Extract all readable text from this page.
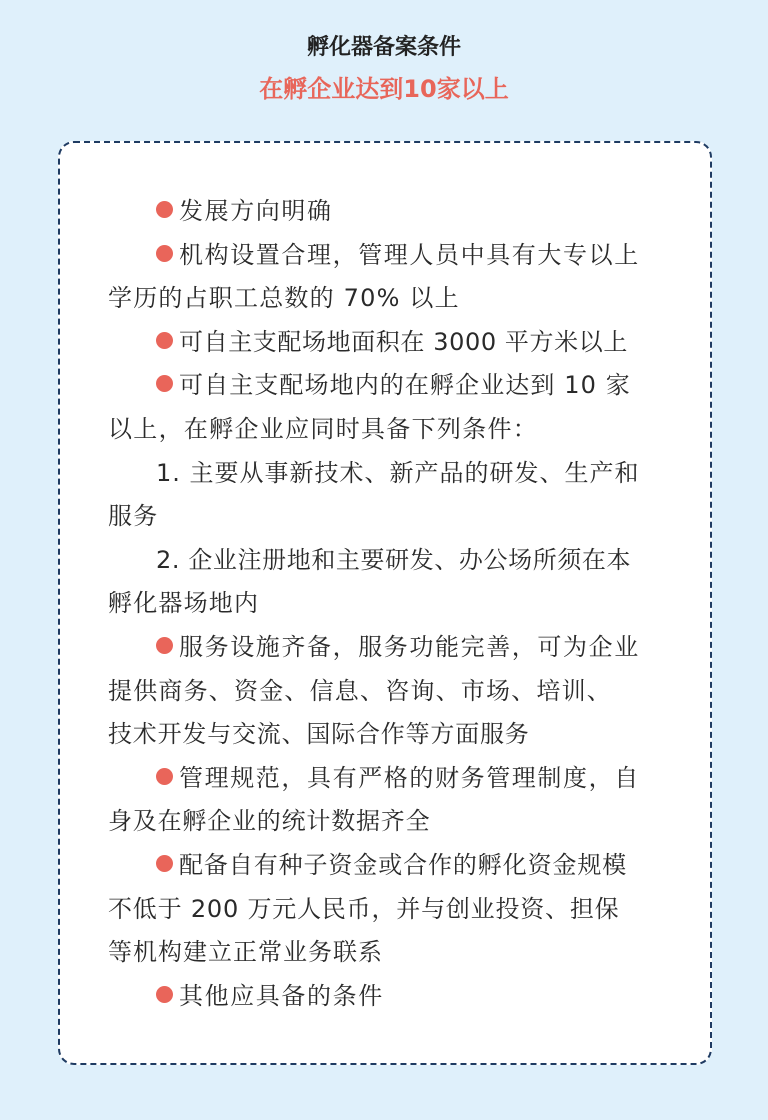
孵化器备案条件
在孵企业达到10家以上
发展方向明确
机构设置合理，管理人员中具有大专以上
学历的占职工总数的 70% 以上
可自主支配场地面积在 3000 平方米以上
可自主支配场地内的在孵企业达到 10 家
以上，在孵企业应同时具备下列条件：
1. 主要从事新技术、新产品的研发、生产和
服务
2. 企业注册地和主要研发、办公场所须在本
孵化器场地内
服务设施齐备，服务功能完善，可为企业
提供商务、资金、信息、咨询、市场、培训、
技术开发与交流、国际合作等方面服务
管理规范，具有严格的财务管理制度，自
身及在孵企业的统计数据齐全
配备自有种子资金或合作的孵化资金规模
不低于 200 万元人民币，并与创业投资、担保
等机构建立正常业务联系
其他应具备的条件
